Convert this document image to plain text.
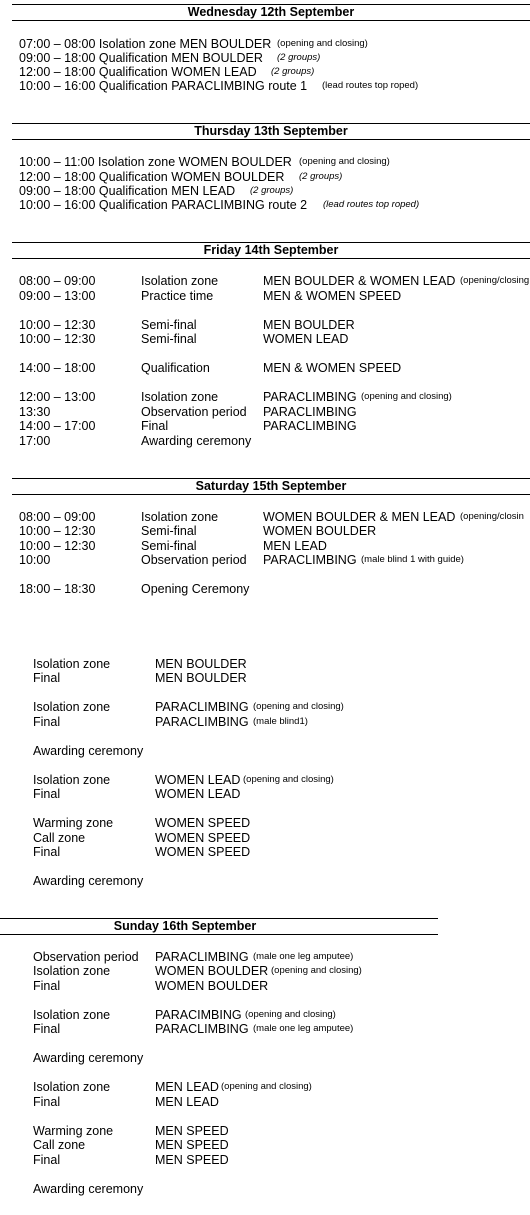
Wednesday 12th September
07:00 – 08:00 Isolation zone MEN BOULDER (opening and closing)
09:00 – 18:00 Qualification MEN BOULDER (2 groups)
12:00 – 18:00 Qualification WOMEN LEAD (2 groups)
10:00 – 16:00 Qualification PARACLIMBING route 1 (lead routes top roped)
Thursday 13th September
10:00 – 11:00 Isolation zone WOMEN BOULDER (opening and closing)
12:00 – 18:00 Qualification WOMEN BOULDER (2 groups)
09:00 – 18:00 Qualification MEN LEAD (2 groups)
10:00 – 16:00 Qualification PARACLIMBING route 2 (lead routes top roped)
Friday 14th September
08:00 – 09:00	Isolation zone	MEN BOULDER & WOMEN LEAD (opening/closing
09:00 – 13:00	Practice time	MEN & WOMEN SPEED
10:00 – 12:30	Semi-final	MEN BOULDER
10:00 – 12:30	Semi-final	WOMEN LEAD
14:00 – 18:00	Qualification	MEN & WOMEN SPEED
12:00 – 13:00	Isolation zone	PARACLIMBING (opening and closing)
13:30	Observation period PARACLIMBING
14:00 – 17:00	Final	PARACLIMBING
17:00	Awarding ceremony
Saturday 15th September
08:00 – 09:00	Isolation zone	WOMEN BOULDER & MEN LEAD (opening/closin
10:00 – 12:30	Semi-final	WOMEN BOULDER
10:00 – 12:30	Semi-final	MEN LEAD
10:00	Observation period PARACLIMBING (male blind 1 with guide)
18:00 – 18:30	Opening Ceremony
Isolation zone	MEN BOULDER
Final	MEN BOULDER
Isolation zone	PARACLIMBING (opening and closing)
Final	PARACLIMBING (male blind1)
Awarding ceremony
Isolation zone	WOMEN LEAD (opening and closing)
Final	WOMEN LEAD
Warming zone	WOMEN SPEED
Call zone	WOMEN SPEED
Final	WOMEN SPEED
Awarding ceremony
Sunday 16th September
Observation period PARACLIMBING (male one leg amputee)
Isolation zone	WOMEN BOULDER (opening and closing)
Final	WOMEN BOULDER
Isolation zone	PARACIMBING (opening and closing)
Final	PARACLIMBING (male one leg amputee)
Awarding ceremony
Isolation zone	MEN LEAD (opening and closing)
Final	MEN LEAD
Warming zone	MEN SPEED
Call zone	MEN SPEED
Final	MEN SPEED
Awarding ceremony
